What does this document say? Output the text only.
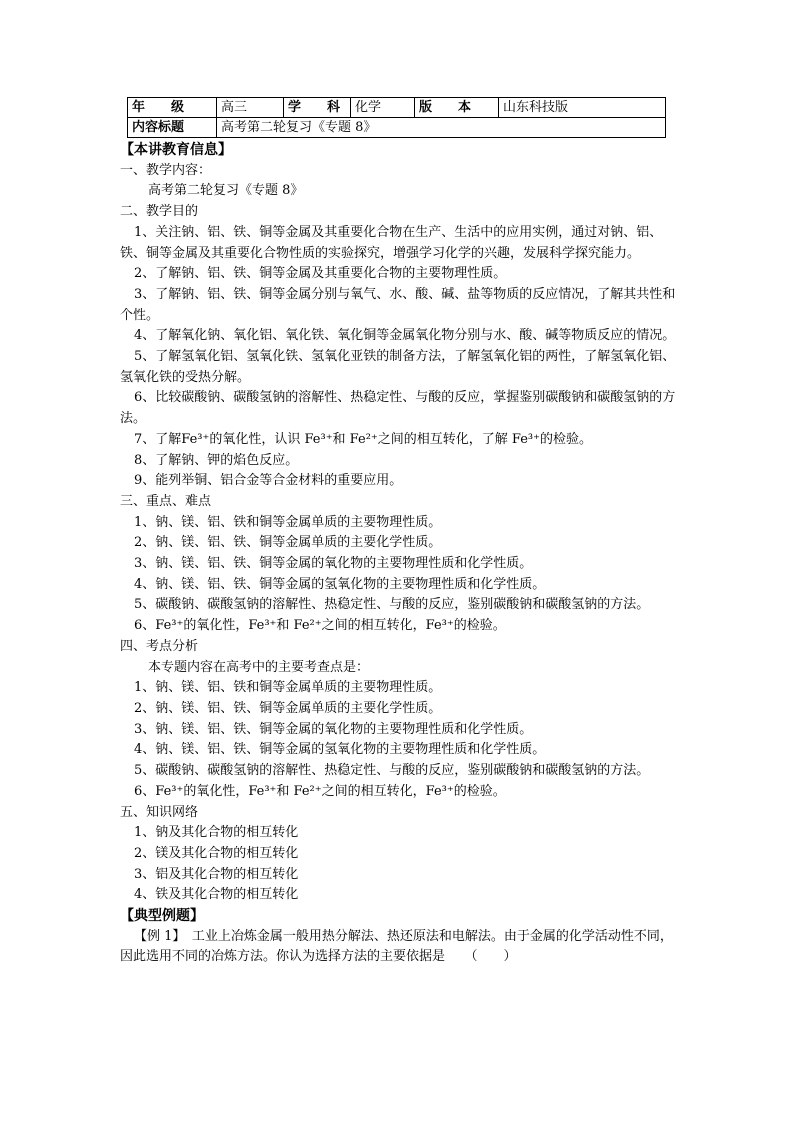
年　　级	高三	学　　科	化学	版　　本	山东科技版
内容标题	高考第二轮复习《专题 8》				
【本讲教育信息】
一、教学内容：
高考第二轮复习《专题 8》
二、教学目的
1、关注钠、铝、铁、铜等金属及其重要化合物在生产、生活中的应用实例，通过对钠、铝、铁、铜等金属及其重要化合物性质的实验探究，增强学习化学的兴趣，发展科学探究能力。
2、了解钠、铝、铁、铜等金属及其重要化合物的主要物理性质。
3、了解钠、铝、铁、铜等金属分别与氧气、水、酸、碱、盐等物质的反应情况，了解其共性和个性。
4、了解氧化钠、氧化铝、氧化铁、氧化铜等金属氧化物分别与水、酸、碱等物质反应的情况。
5、了解氢氧化铝、氢氧化铁、氢氧化亚铁的制备方法，了解氢氧化铝的两性，了解氢氧化铝、氢氧化铁的受热分解。
6、比较碳酸钠、碳酸氢钠的溶解性、热稳定性、与酸的反应，掌握鉴别碳酸钠和碳酸氢钠的方法。
7、了解Fe³⁺的氧化性，认识 Fe³⁺和 Fe²⁺之间的相互转化，了解 Fe³⁺的检验。
8、了解钠、钾的焰色反应。
9、能列举铜、铝合金等合金材料的重要应用。
三、重点、难点
1、钠、镁、铝、铁和铜等金属单质的主要物理性质。
2、钠、镁、铝、铁、铜等金属单质的主要化学性质。
3、钠、镁、铝、铁、铜等金属的氧化物的主要物理性质和化学性质。
4、钠、镁、铝、铁、铜等金属的氢氧化物的主要物理性质和化学性质。
5、碳酸钠、碳酸氢钠的溶解性、热稳定性、与酸的反应，鉴别碳酸钠和碳酸氢钠的方法。
6、Fe³⁺的氧化性，Fe³⁺和 Fe²⁺之间的相互转化，Fe³⁺的检验。
四、考点分析
本专题内容在高考中的主要考查点是：
1、钠、镁、铝、铁和铜等金属单质的主要物理性质。
2、钠、镁、铝、铁、铜等金属单质的主要化学性质。
3、钠、镁、铝、铁、铜等金属的氧化物的主要物理性质和化学性质。
4、钠、镁、铝、铁、铜等金属的氢氧化物的主要物理性质和化学性质。
5、碳酸钠、碳酸氢钠的溶解性、热稳定性、与酸的反应，鉴别碳酸钠和碳酸氢钠的方法。
6、Fe³⁺的氧化性，Fe³⁺和 Fe²⁺之间的相互转化，Fe³⁺的检验。
五、知识网络
1、钠及其化合物的相互转化
2、镁及其化合物的相互转化
3、铝及其化合物的相互转化
4、铁及其化合物的相互转化
【典型例题】
【例 1】　工业上冶炼金属一般用热分解法、热还原法和电解法。由于金属的化学活动性不同，因此选用不同的冶炼方法。你认为选择方法的主要依据是　　（　　）
